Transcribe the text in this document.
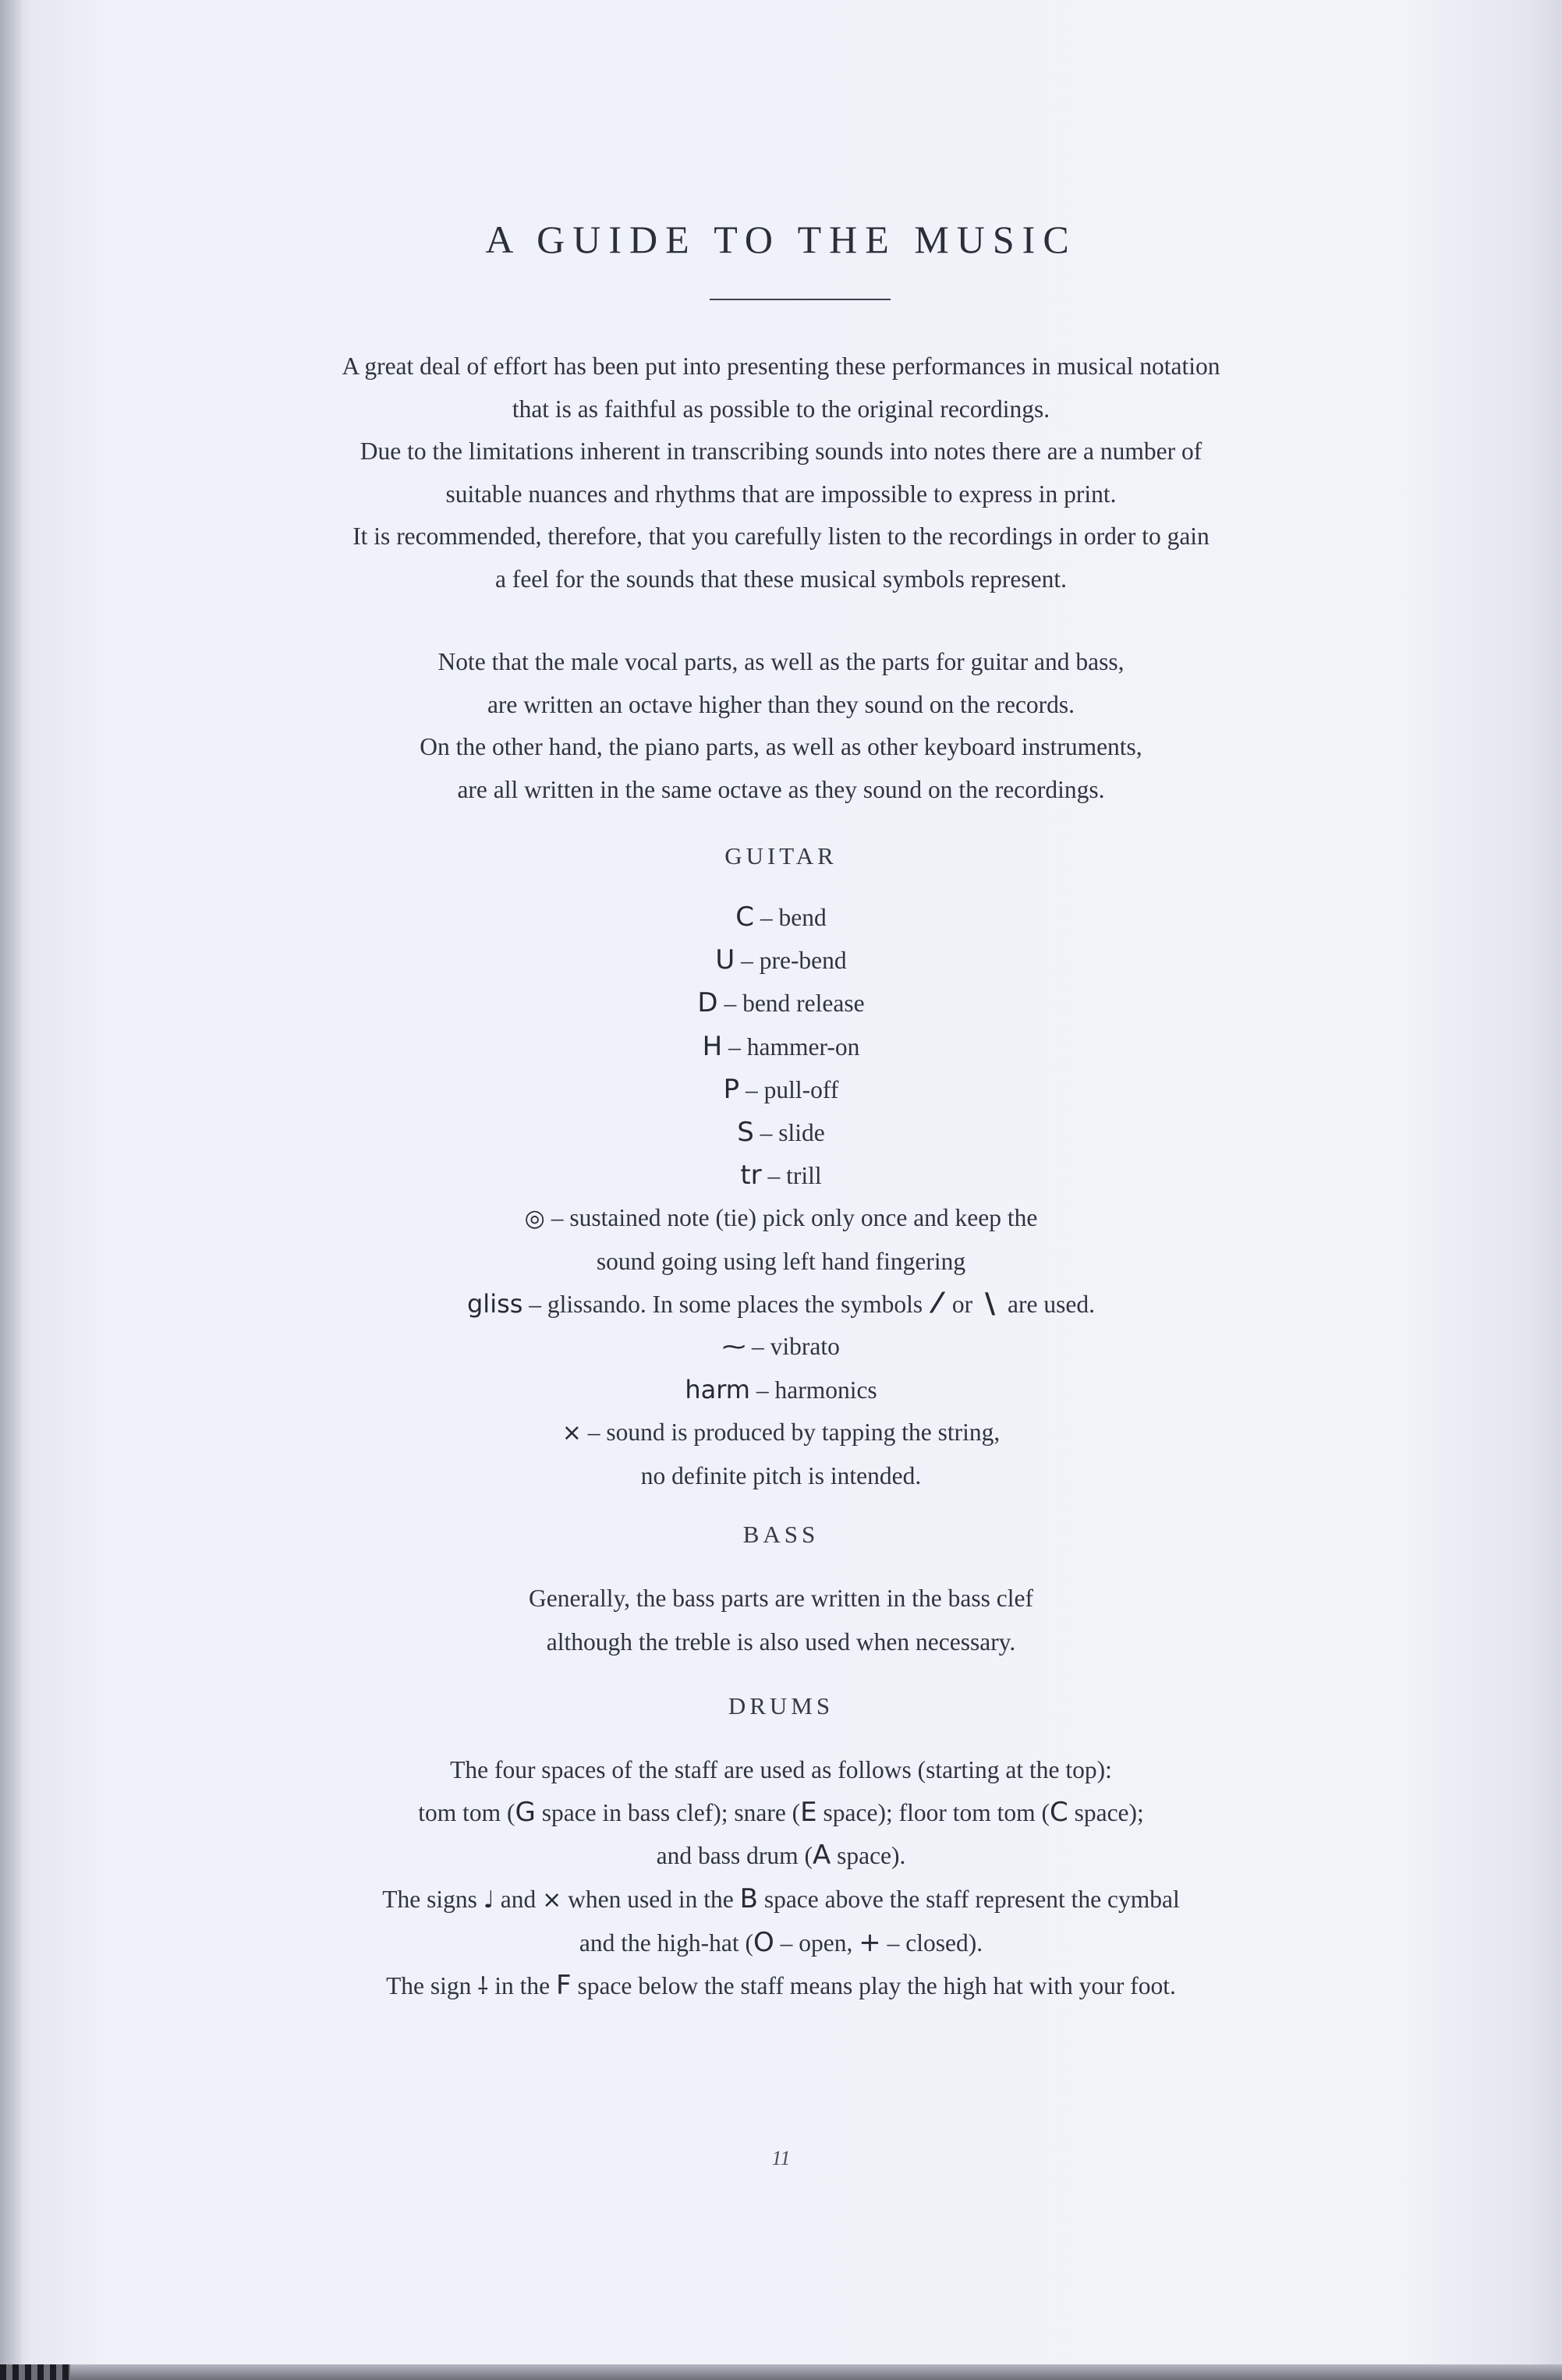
A GUIDE TO THE MUSIC
A great deal of effort has been put into presenting these performances in musical notation
that is as faithful as possible to the original recordings.
Due to the limitations inherent in transcribing sounds into notes there are a number of
suitable nuances and rhythms that are impossible to express in print.
It is recommended, therefore, that you carefully listen to the recordings in order to gain
a feel for the sounds that these musical symbols represent.
Note that the male vocal parts, as well as the parts for guitar and bass,
are written an octave higher than they sound on the records.
On the other hand, the piano parts, as well as other keyboard instruments,
are all written in the same octave as they sound on the recordings.
GUITAR
C – bend
U – pre-bend
D – bend release
H – hammer-on
P – pull-off
S – slide
tr – trill
◎ – sustained note (tie) pick only once and keep the
sound going using left hand fingering
gliss – glissando. In some places the symbols ⁄ or \ are used.
⁓ – vibrato
harm – harmonics
⨯ – sound is produced by tapping the string,
no definite pitch is intended.
BASS
Generally, the bass parts are written in the bass clef
although the treble is also used when necessary.
DRUMS
The four spaces of the staff are used as follows (starting at the top):
tom tom (G space in bass clef); snare (E space); floor tom tom (C space);
and bass drum (A space).
The signs ♩ and ⨯ when used in the B space above the staff represent the cymbal
and the high-hat (O – open, + – closed).
The sign ⸸ in the F space below the staff means play the high hat with your foot.
11
